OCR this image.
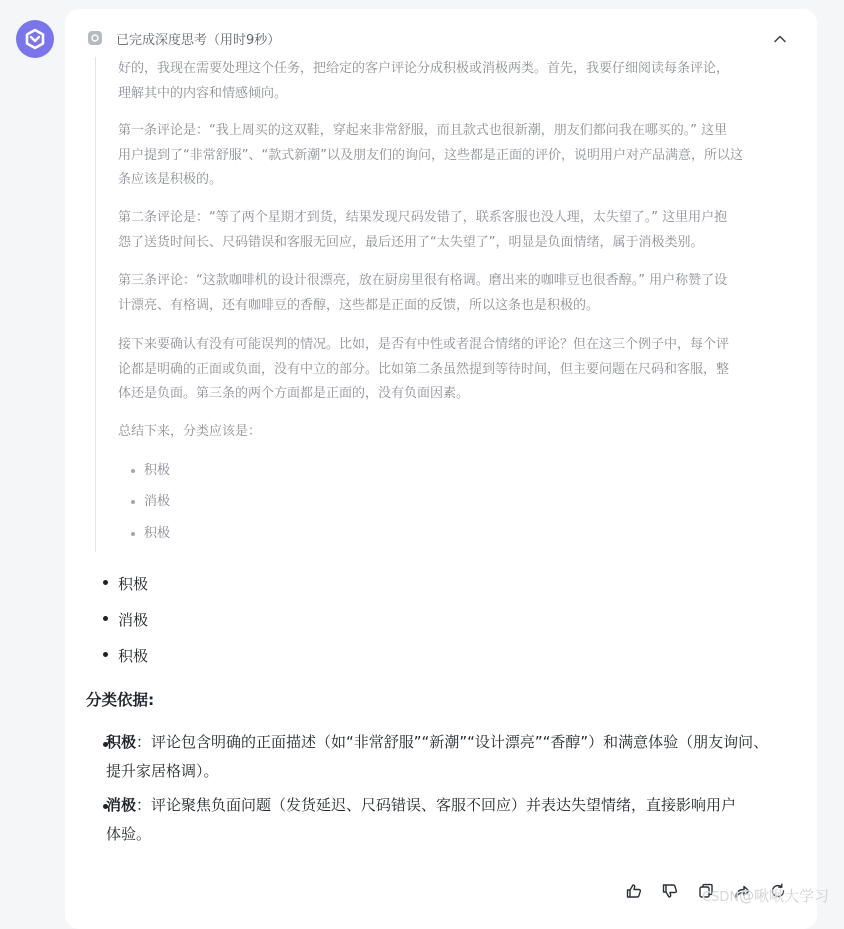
已完成深度思考（用时9秒）
好的，我现在需要处理这个任务，把给定的客户评论分成积极或消极两类。首先，我要仔细阅读每条评论，
理解其中的内容和情感倾向。
第一条评论是：“我上周买的这双鞋，穿起来非常舒服，而且款式也很新潮，朋友们都问我在哪买的。” 这里
用户提到了“非常舒服”、“款式新潮”以及朋友们的询问，这些都是正面的评价，说明用户对产品满意，所以这
条应该是积极的。
第二条评论是：“等了两个星期才到货，结果发现尺码发错了，联系客服也没人理，太失望了。” 这里用户抱
怨了送货时间长、尺码错误和客服无回应，最后还用了“太失望了”，明显是负面情绪，属于消极类别。
第三条评论：“这款咖啡机的设计很漂亮，放在厨房里很有格调。磨出来的咖啡豆也很香醇。” 用户称赞了设
计漂亮、有格调，还有咖啡豆的香醇，这些都是正面的反馈，所以这条也是积极的。
接下来要确认有没有可能误判的情况。比如，是否有中性或者混合情绪的评论？但在这三个例子中，每个评
论都是明确的正面或负面，没有中立的部分。比如第二条虽然提到等待时间，但主要问题在尺码和客服，整
体还是负面。第三条的两个方面都是正面的，没有负面因素。
总结下来，分类应该是：
积极
消极
积极
积极
消极
积极
分类依据:
积极：评论包含明确的正面描述（如“非常舒服”“新潮”“设计漂亮”“香醇”）和满意体验（朋友询问、
提升家居格调）。
消极：评论聚焦负面问题（发货延迟、尺码错误、客服不回应）并表达失望情绪，直接影响用户
体验。
CSDN@啾啾大学习
